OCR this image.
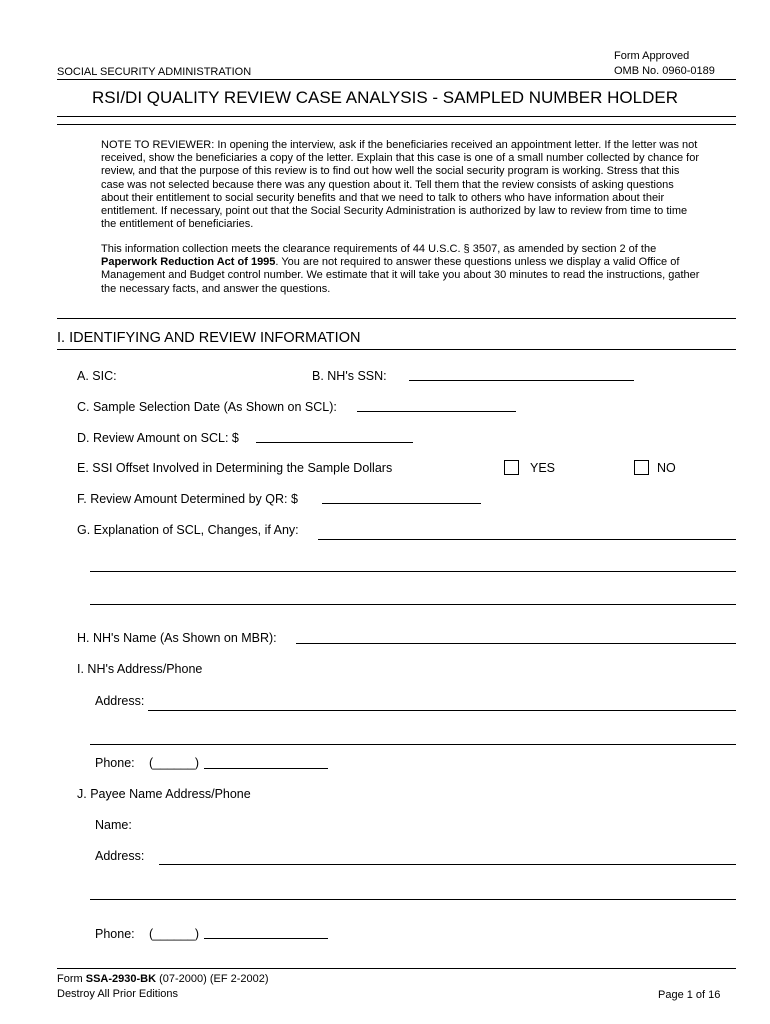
SOCIAL SECURITY ADMINISTRATION
Form Approved
OMB No. 0960-0189
RSI/DI QUALITY REVIEW CASE ANALYSIS - SAMPLED NUMBER HOLDER

NOTE TO REVIEWER: In opening the interview, ask if the beneficiaries received an appointment letter. If the letter was not received, show the beneficiaries a copy of the letter. Explain that this case is one of a small number collected by chance for review, and that the purpose of this review is to find out how well the social security program is working. Stress that this case was not selected because there was any question about it. Tell them that the review consists of asking questions about their entitlement to social security benefits and that we need to talk to others who have information about their entitlement. If necessary, point out that the Social Security Administration is authorized by law to review from time to time the entitlement of beneficiaries.

This information collection meets the clearance requirements of 44 U.S.C. § 3507, as amended by section 2 of the Paperwork Reduction Act of 1995. You are not required to answer these questions unless we display a valid Office of Management and Budget control number. We estimate that it will take you about 30 minutes to read the instructions, gather the necessary facts, and answer the questions.

I. IDENTIFYING AND REVIEW INFORMATION
A. SIC:	B. NH's SSN:
C. Sample Selection Date (As Shown on SCL):
D. Review Amount on SCL: $
E. SSI Offset Involved in Determining the Sample Dollars	YES	NO
F. Review Amount Determined by QR: $
G. Explanation of SCL, Changes, if Any:
H. NH's Name (As Shown on MBR):
I. NH's Address/Phone
Address:
Phone: (______)
J. Payee Name Address/Phone
Name:
Address:
Phone: (______)
Form SSA-2930-BK (07-2000) (EF 2-2002)
Destroy All Prior Editions	Page 1 of 16
